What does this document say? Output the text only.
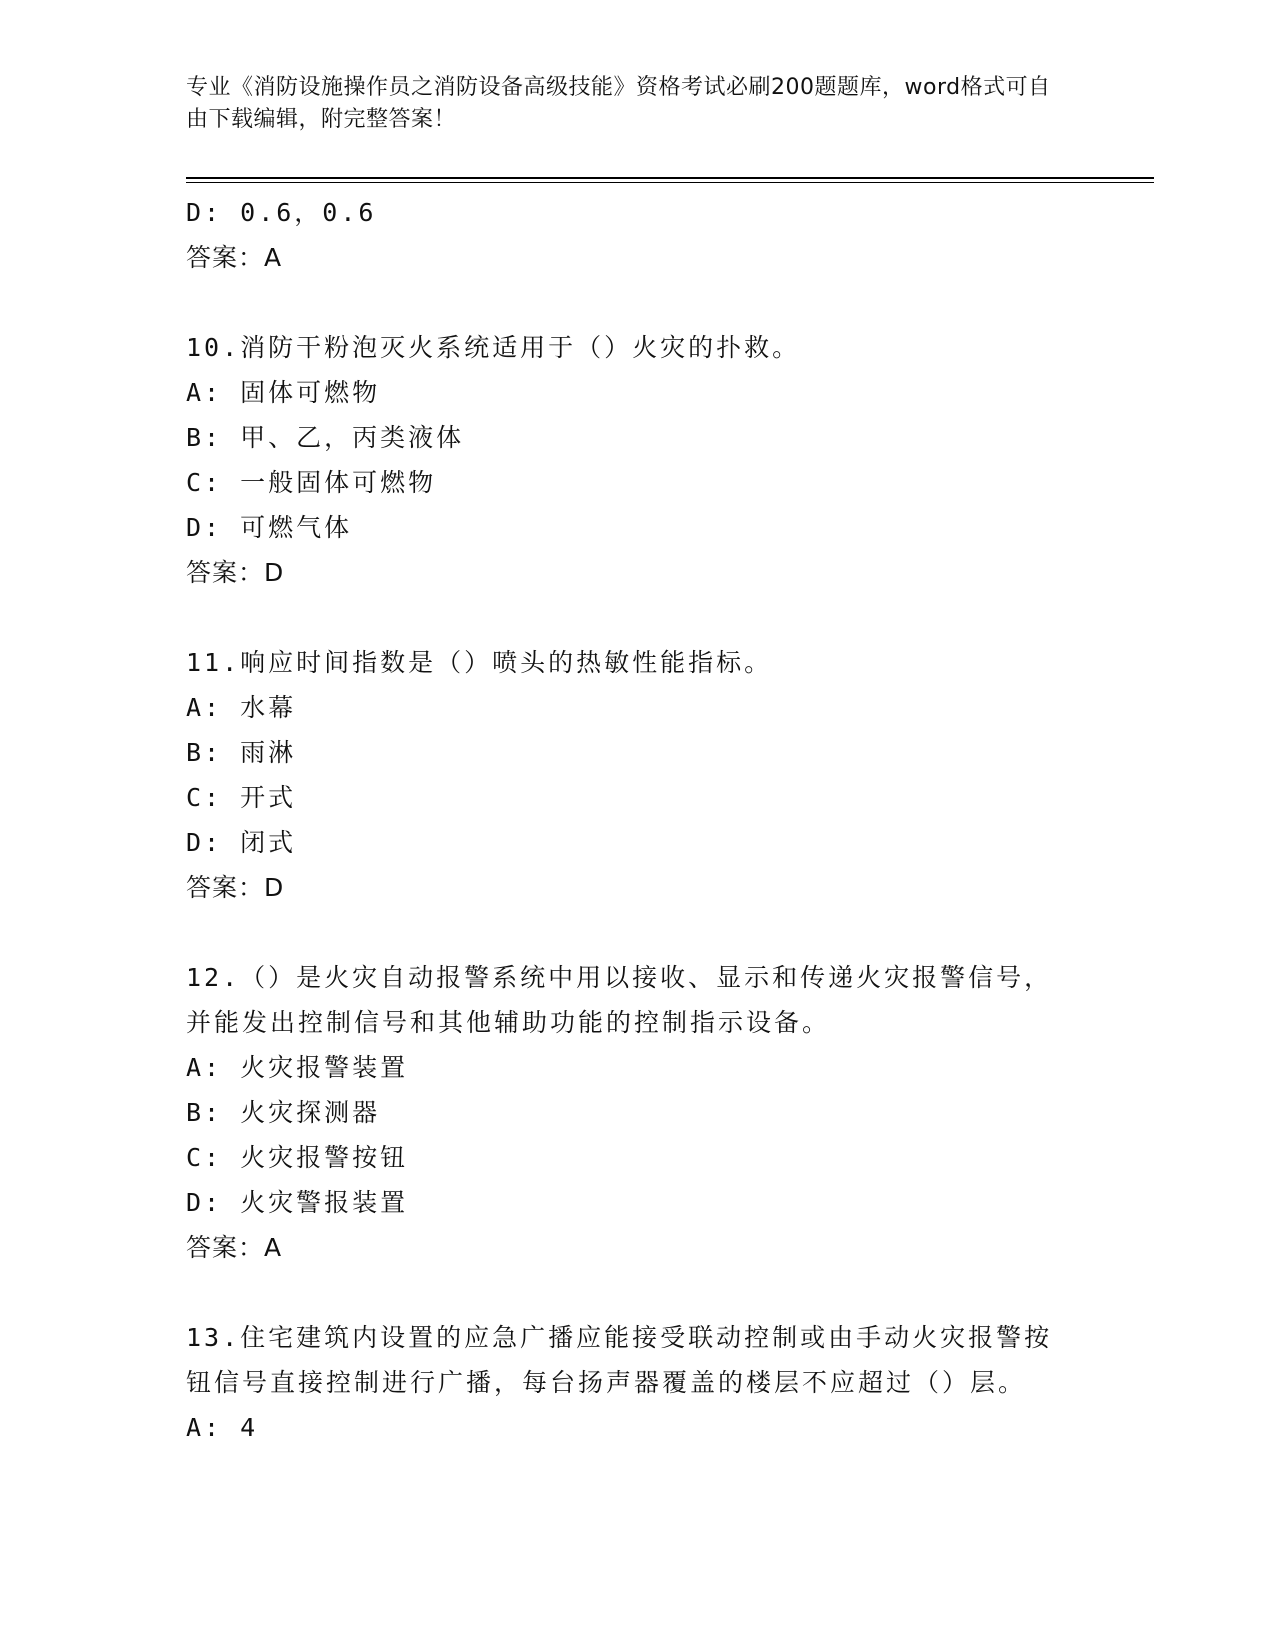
专业《消防设施操作员之消防设备高级技能》资格考试必刷200题题库，word格式可自由下载编辑，附完整答案！
D: 0.6，0.6
答案：A
10.消防干粉泡灭火系统适用于（）火灾的扑救。
A: 固体可燃物
B: 甲、乙，丙类液体
C: 一般固体可燃物
D: 可燃气体
答案：D
11.响应时间指数是（）喷头的热敏性能指标。
A: 水幕
B: 雨淋
C: 开式
D: 闭式
答案：D
12.（）是火灾自动报警系统中用以接收、显示和传递火灾报警信号，并能发出控制信号和其他辅助功能的控制指示设备。
A: 火灾报警装置
B: 火灾探测器
C: 火灾报警按钮
D: 火灾警报装置
答案：A
13.住宅建筑内设置的应急广播应能接受联动控制或由手动火灾报警按钮信号直接控制进行广播，每台扬声器覆盖的楼层不应超过（）层。
A: 4
